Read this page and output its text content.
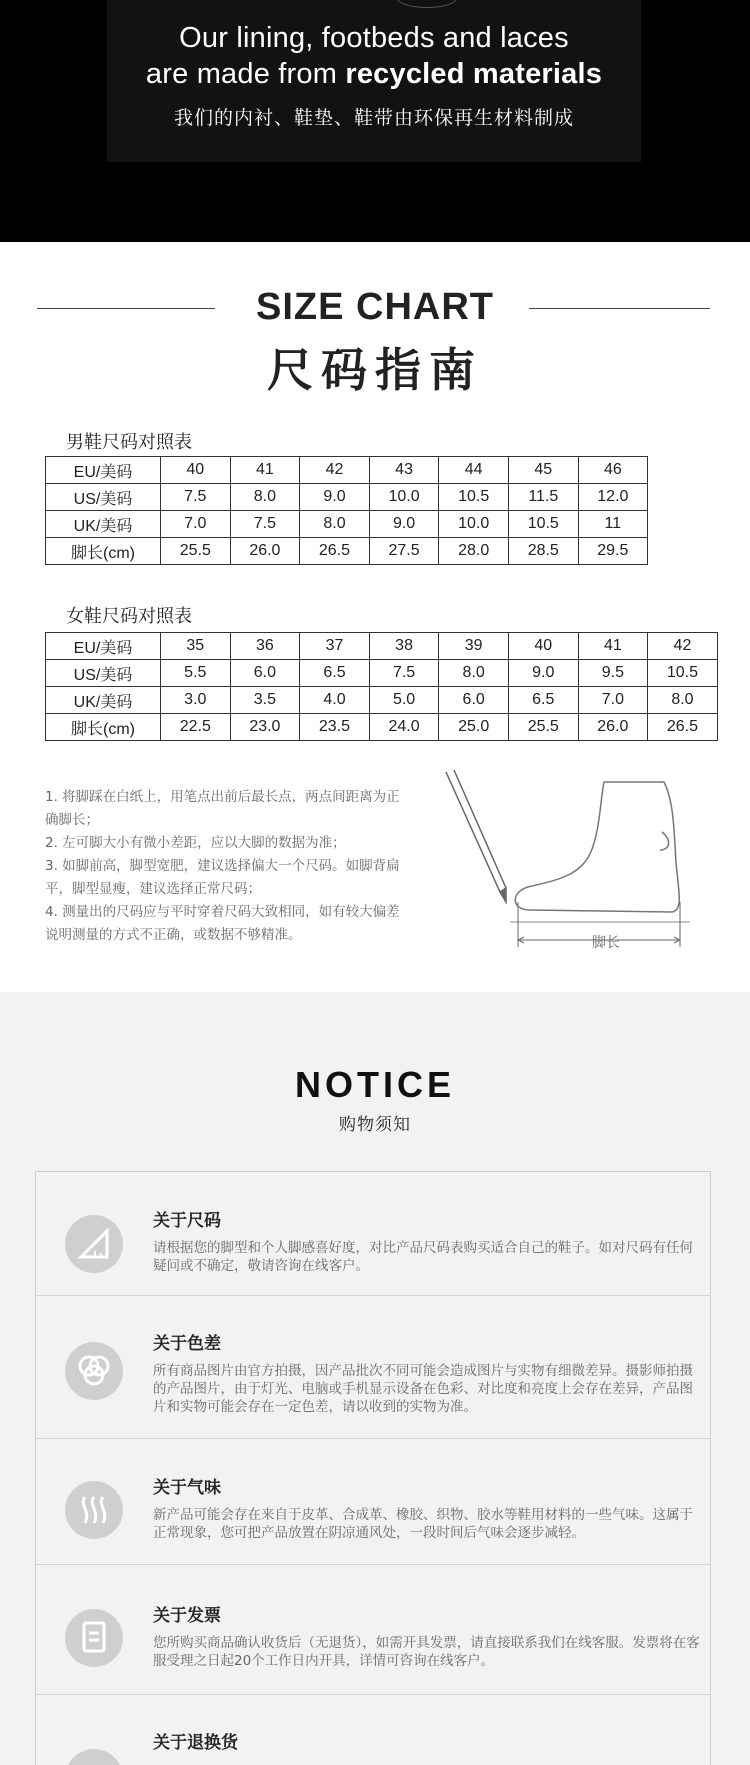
Our lining, footbeds and laces
are made from recycled materials
我们的内衬、鞋垫、鞋带由环保再生材料制成
SIZE CHART
尺码指南
男鞋尺码对照表
EU/美码	40	41	42	43	44	45	46
US/美码	7.5	8.0	9.0	10.0	10.5	11.5	12.0
UK/美码	7.0	7.5	8.0	9.0	10.0	10.5	11
脚长(cm)	25.5	26.0	26.5	27.5	28.0	28.5	29.5
女鞋尺码对照表
EU/美码	35	36	37	38	39	40	41	42
US/美码	5.5	6.0	6.5	7.5	8.0	9.0	9.5	10.5
UK/美码	3.0	3.5	4.0	5.0	6.0	6.5	7.0	8.0
脚长(cm)	22.5	23.0	23.5	24.0	25.0	25.5	26.0	26.5
1. 将脚踩在白纸上，用笔点出前后最长点，两点间距离为正确脚长；
2. 左可脚大小有微小差距，应以大脚的数据为准；
3. 如脚前高，脚型宽肥，建议选择偏大一个尺码。如脚背扁平，脚型显瘦，建议选择正常尺码；
4. 测量出的尺码应与平时穿着尺码大致相同，如有较大偏差说明测量的方式不正确，或数据不够精准。	脚长
NOTICE
购物须知
关于尺码
请根据您的脚型和个人脚感喜好度，对比产品尺码表购买适合自己的鞋子。如对尺码有任何疑问或不确定，敬请咨询在线客户。
关于色差
所有商品图片由官方拍摄，因产品批次不同可能会造成图片与实物有细微差异。摄影师拍摄的产品图片，由于灯光、电脑或手机显示设备在色彩、对比度和亮度上会存在差异，产品图片和实物可能会存在一定色差，请以收到的实物为准。
关于气味
新产品可能会存在来自于皮革、合成革、橡胶、织物、胶水等鞋用材料的一些气味。这属于正常现象，您可把产品放置在阴凉通风处，一段时间后气味会逐步减轻。
关于发票
您所购买商品确认收货后（无退货），如需开具发票，请直接联系我们在线客服。发票将在客服受理之日起20个工作日内开具，详情可咨询在线客户。
关于退换货
